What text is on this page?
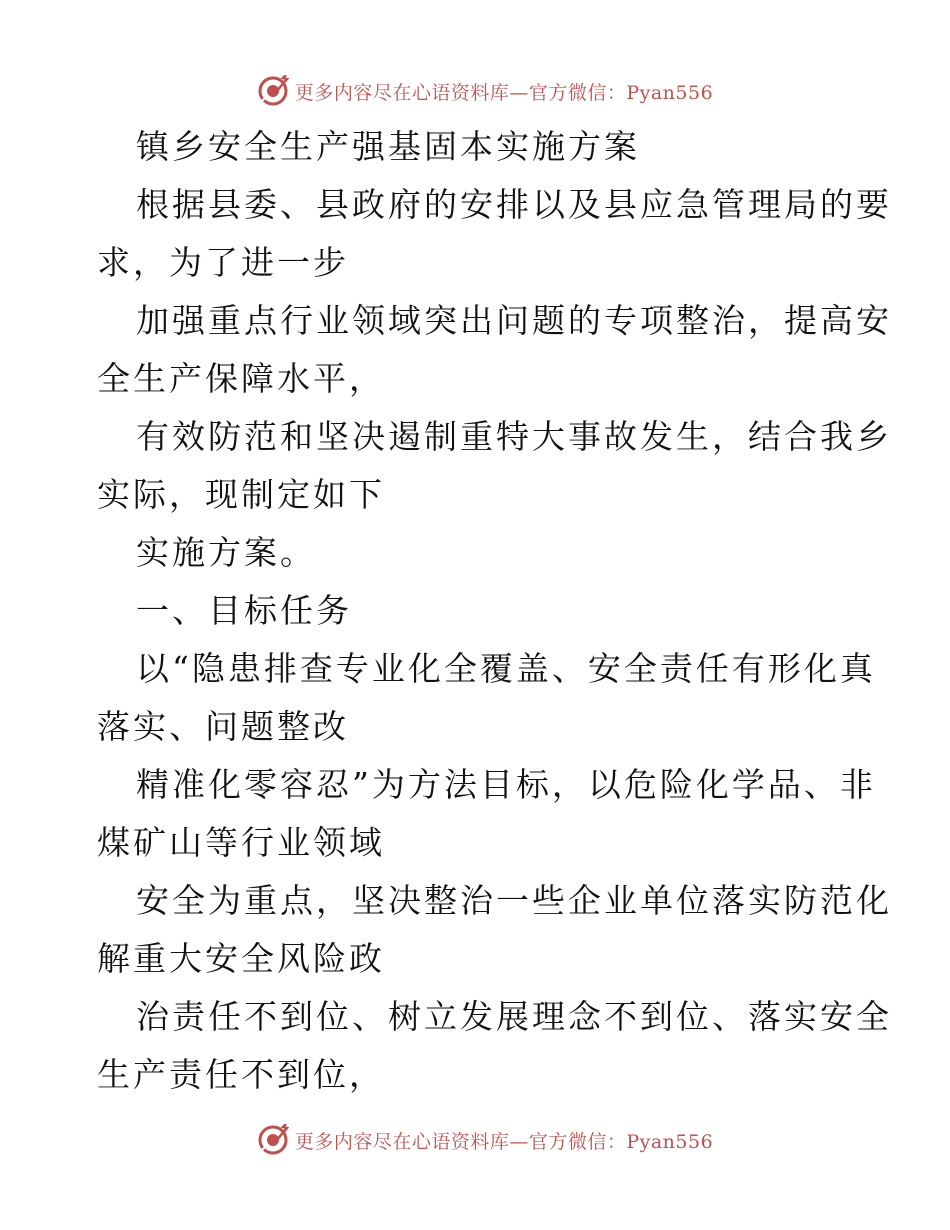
更多内容尽在心语资料库—官方微信：Pyan556
镇乡安全生产强基固本实施方案
根据县委、县政府的安排以及县应急管理局的要
求，为了进一步
加强重点行业领域突出问题的专项整治，提高安
全生产保障水平，
有效防范和坚决遏制重特大事故发生，结合我乡
实际，现制定如下
实施方案。
一、目标任务
以“隐患排查专业化全覆盖、安全责任有形化真
落实、问题整改
精准化零容忍”为方法目标，以危险化学品、非
煤矿山等行业领域
安全为重点，坚决整治一些企业单位落实防范化
解重大安全风险政
治责任不到位、树立发展理念不到位、落实安全
生产责任不到位，
更多内容尽在心语资料库—官方微信：Pyan556
